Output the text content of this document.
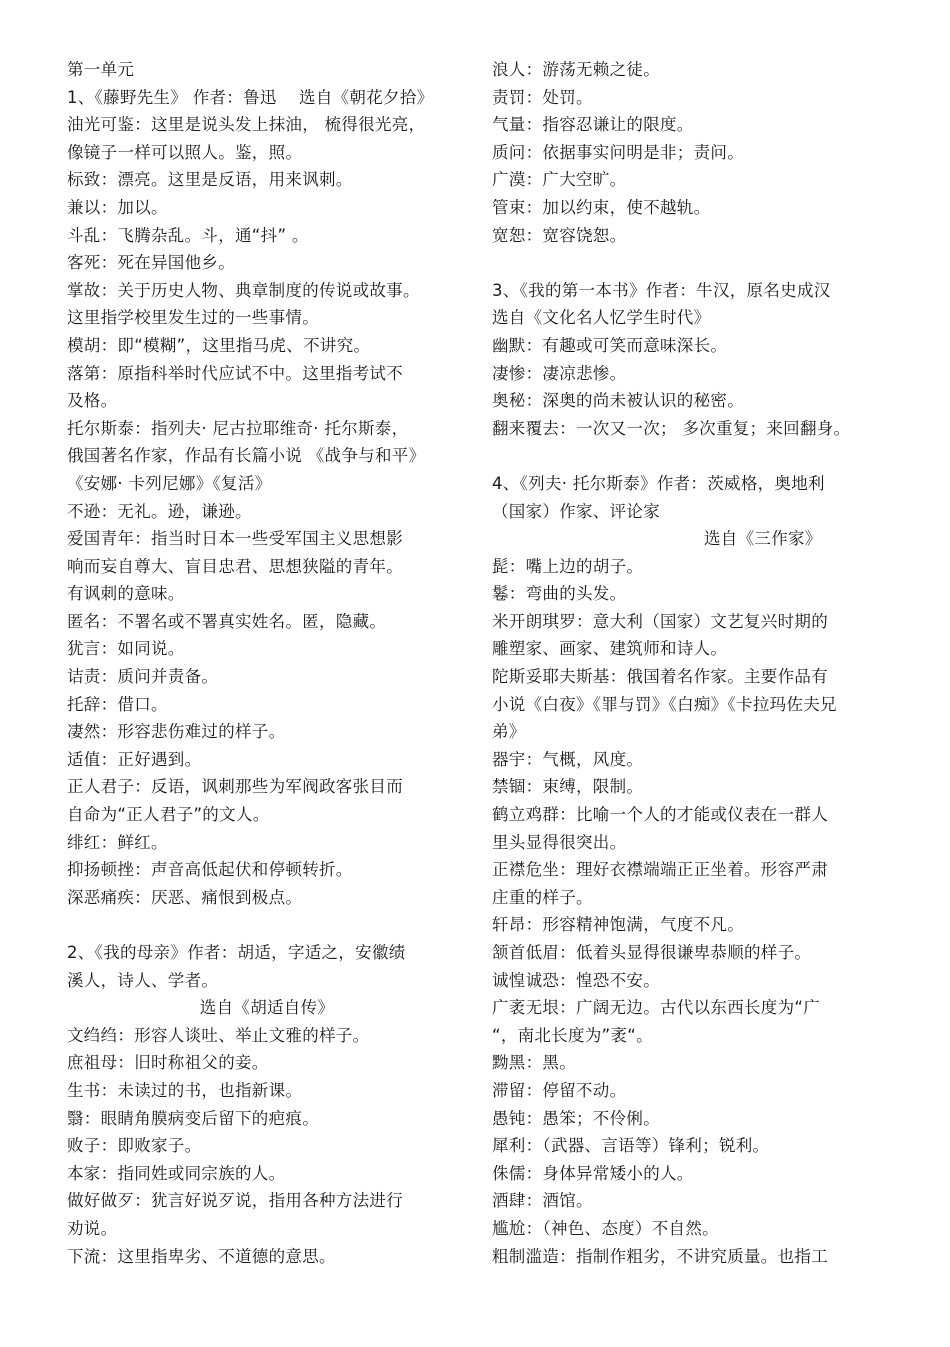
第一单元
1、《藤野先生》 作者：鲁迅　 选自《朝花夕拾》
油光可鉴：这里是说头发上抹油， 梳得很光亮，
像镜子一样可以照人。鉴，照。
标致：漂亮。这里是反语，用来讽刺。
兼以：加以。
斗乱：飞腾杂乱。斗，通“抖” 。
客死：死在异国他乡。
掌故：关于历史人物、典章制度的传说或故事。
这里指学校里发生过的一些事情。
模胡：即“模糊”，这里指马虎、不讲究。
落第：原指科举时代应试不中。这里指考试不
及格。
托尔斯泰：指列夫· 尼古拉耶维奇· 托尔斯泰，
俄国著名作家，作品有长篇小说 《战争与和平》
《安娜· 卡列尼娜》《复活》
不逊：无礼。逊，谦逊。
爱国青年：指当时日本一些受军国主义思想影
响而妄自尊大、盲目忠君、思想狭隘的青年。
有讽刺的意味。
匿名：不署名或不署真实姓名。匿，隐藏。
犹言：如同说。
诘责：质问并责备。
托辞：借口。
凄然：形容悲伤难过的样子。
适值：正好遇到。
正人君子：反语，讽刺那些为军阀政客张目而
自命为“正人君子”的文人。
绯红：鲜红。
抑扬顿挫：声音高低起伏和停顿转折。
深恶痛疾：厌恶、痛恨到极点。
2、《我的母亲》作者：胡适，字适之，安徽绩
溪人，诗人、学者。
选自《胡适自传》
文绉绉：形容人谈吐、举止文雅的样子。
庶祖母：旧时称祖父的妾。
生书：未读过的书，也指新课。
翳：眼睛角膜病变后留下的疤痕。
败子：即败家子。
本家：指同姓或同宗族的人。
做好做歹：犹言好说歹说，指用各种方法进行
劝说。
下流：这里指卑劣、不道德的意思。
浪人：游荡无赖之徒。
责罚：处罚。
气量：指容忍谦让的限度。
质问：依据事实问明是非；责问。
广漠：广大空旷。
管束：加以约束，使不越轨。
宽恕：宽容饶恕。
3、《我的第一本书》作者：牛汉，原名史成汉
选自《文化名人忆学生时代》
幽默：有趣或可笑而意味深长。
凄惨：凄凉悲惨。
奥秘：深奥的尚未被认识的秘密。
翻来覆去：一次又一次； 多次重复；来回翻身。
4、《列夫· 托尔斯泰》作者：茨威格，奥地利
（国家）作家、评论家
选自《三作家》
髭：嘴上边的胡子。
鬈：弯曲的头发。
米开朗琪罗：意大利（国家）文艺复兴时期的
雕塑家、画家、建筑师和诗人。
陀斯妥耶夫斯基：俄国着名作家。主要作品有
小说《白夜》《罪与罚》《白痴》《卡拉玛佐夫兄
弟》
器宇：气概，风度。
禁锢：束缚，限制。
鹤立鸡群：比喻一个人的才能或仪表在一群人
里头显得很突出。
正襟危坐：理好衣襟端端正正坐着。形容严肃
庄重的样子。
轩昂：形容精神饱满，气度不凡。
颔首低眉：低着头显得很谦卑恭顺的样子。
诚惶诚恐：惶恐不安。
广袤无垠：广阔无边。古代以东西长度为“广
“，南北长度为”袤“。
黝黑：黑。
滞留：停留不动。
愚钝：愚笨；不伶俐。
犀利：（武器、言语等）锋利；锐利。
侏儒：身体异常矮小的人。
酒肆：酒馆。
尴尬：（神色、态度）不自然。
粗制滥造：指制作粗劣，不讲究质量。也指工
